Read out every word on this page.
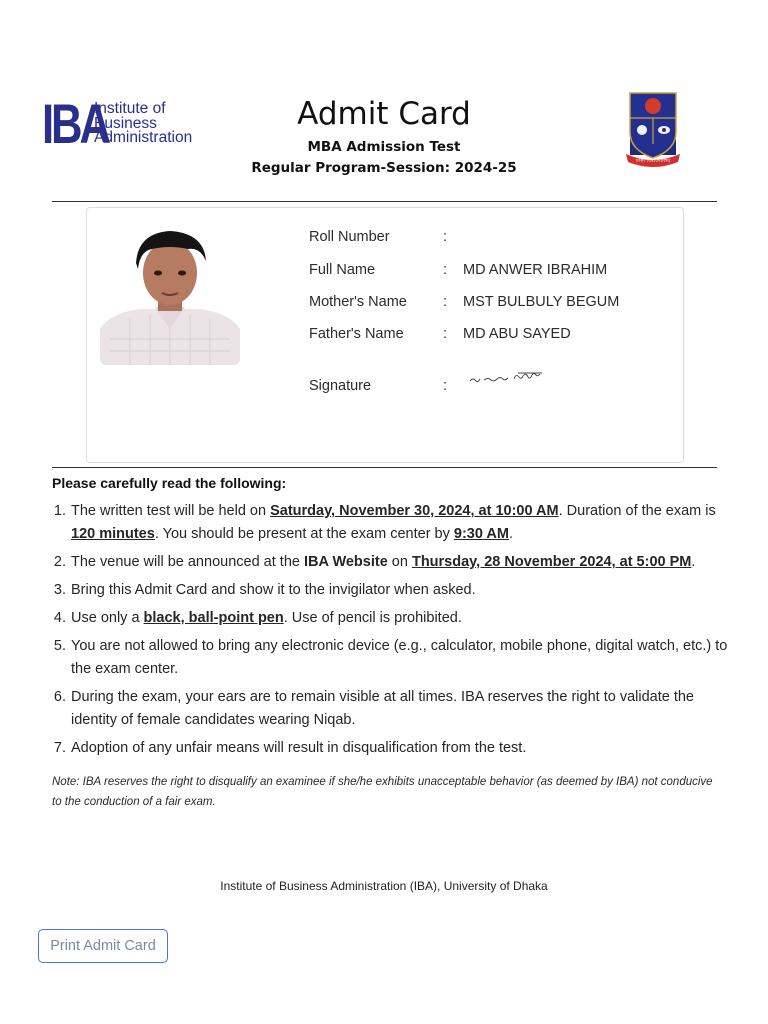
IBA
Institute of
Business
Administration
Admit Card
MBA Admission Test
Regular Program-Session: 2024-25	ঢাকা বিশ্ববিদ্যালয়
Roll Number	:
Full Name	: MD ANWER IBRAHIM
Mother's Name : MST BULBULY BEGUM
Father's Name	: MD ABU SAYED
Signature	:
Please carefully read the following:
1. The written test will be held on Saturday, November 30, 2024, at 10:00 AM. Duration of the exam is 120 minutes. You should be present at the exam center by 9:30 AM.
2. The venue will be announced at the IBA Website on Thursday, 28 November 2024, at 5:00 PM.
3. Bring this Admit Card and show it to the invigilator when asked.
4. Use only a black, ball-point pen. Use of pencil is prohibited.
5. You are not allowed to bring any electronic device (e.g., calculator, mobile phone, digital watch, etc.) to the exam center.
6. During the exam, your ears are to remain visible at all times. IBA reserves the right to validate the identity of female candidates wearing Niqab.
7. Adoption of any unfair means will result in disqualification from the test.
Note: IBA reserves the right to disqualify an examinee if she/he exhibits unacceptable behavior (as deemed by IBA) not conducive to the conduction of a fair exam.
Institute of Business Administration (IBA), University of Dhaka
Print Admit Card
